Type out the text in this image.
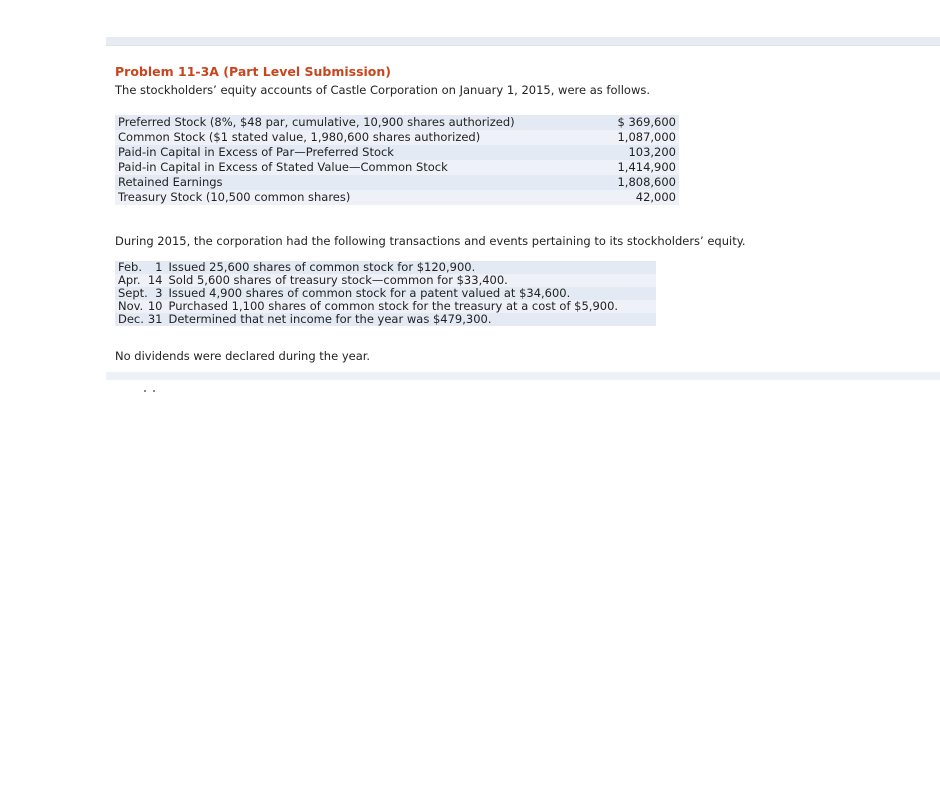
Problem 11-3A (Part Level Submission)
The stockholders’ equity accounts of Castle Corporation on January 1, 2015, were as follows.
Preferred Stock (8%, $48 par, cumulative, 10,900 shares authorized)	$ 369,600
Common Stock ($1 stated value, 1,980,600 shares authorized)	1,087,000
Paid-in Capital in Excess of Par—Preferred Stock	103,200
Paid-in Capital in Excess of Stated Value—Common Stock	1,414,900
Retained Earnings	1,808,600
Treasury Stock (10,500 common shares)	42,000
During 2015, the corporation had the following transactions and events pertaining to its stockholders’ equity.
Feb.	1	Issued 25,600 shares of common stock for $120,900.
Apr.	14	Sold 5,600 shares of treasury stock—common for $33,400.
Sept.	3	Issued 4,900 shares of common stock for a patent valued at $34,600.
Nov.	10	Purchased 1,100 shares of common stock for the treasury at a cost of $5,900.
Dec.	31	Determined that net income for the year was $479,300.
No dividends were declared during the year.
